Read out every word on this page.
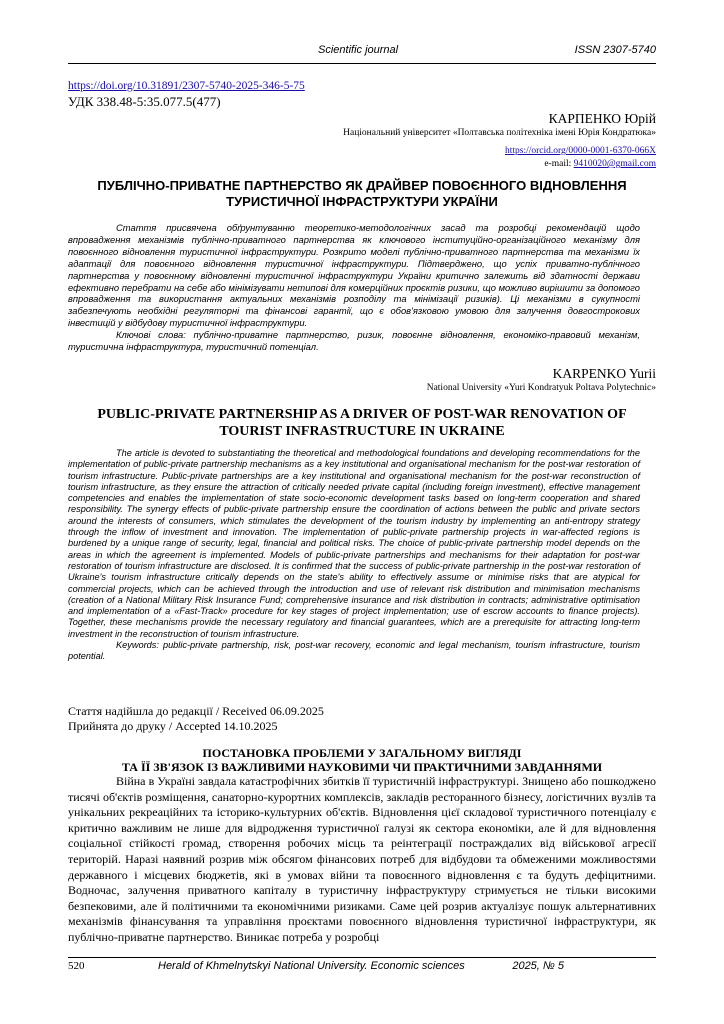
Scientific journal	ISSN 2307-5740
https://doi.org/10.31891/2307-5740-2025-346-5-75
УДК 338.48-5:35.077.5(477)
КАРПЕНКО Юрій
Національний університет «Полтавська політехніка імені Юрія Кондратюка»
https://orcid.org/0000-0001-6370-066X
e-mail: 9410020@gmail.com
ПУБЛІЧНО-ПРИВАТНЕ ПАРТНЕРСТВО ЯК ДРАЙВЕР ПОВОЄННОГО ВІДНОВЛЕННЯ ТУРИСТИЧНОЇ ІНФРАСТРУКТУРИ УКРАЇНИ

Стаття присвячена обґрунтуванню теоретико-методологічних засад та розробці рекомендацій щодо впровадження механізмів публічно-приватного партнерства як ключового інституційно-організаційного механізму для повоєнного відновлення туристичної інфраструктури. Розкрито моделі публічно-приватного партнерства та механізми їх адаптації для повоєнного відновлення туристичної інфраструктури. Підтверджено, що успіх приватно-публічного партнерства у повоєнному відновленні туристичної інфраструктури України критично залежить від здатності держави ефективно перебрати на себе або мінімізувати нетипові для комерційних проєктів ризики, що можливо вирішити за допомого впровадження та використання актуальних механізмів розподілу та мінімізації ризиків). Ці механізми в сукупності забезпечують необхідні регуляторні та фінансові гарантії, що є обов'язковою умовою для залучення довгострокових інвестицій у відбудову туристичної інфраструктури.

Ключові слова: публічно-приватне партнерство, ризик, повоєнне відновлення, економіко-правовий механізм, туристична інфраструктура, туристичний потенціал.

KARPENKO Yurii
National University «Yuri Kondratyuk Poltava Polytechnic»
PUBLIC-PRIVATE PARTNERSHIP AS A DRIVER OF POST-WAR RENOVATION OF TOURIST INFRASTRUCTURE IN UKRAINE

The article is devoted to substantiating the theoretical and methodological foundations and developing recommendations for the implementation of public-private partnership mechanisms as a key institutional and organisational mechanism for the post-war restoration of tourism infrastructure. Public-private partnerships are a key institutional and organisational mechanism for the post-war reconstruction of tourism infrastructure, as they ensure the attraction of critically needed private capital (including foreign investment), effective management competencies and enables the implementation of state socio-economic development tasks based on long-term cooperation and shared responsibility. The synergy effects of public-private partnership ensure the coordination of actions between the public and private sectors around the interests of consumers, which stimulates the development of the tourism industry by implementing an anti-entropy strategy through the inflow of investment and innovation. The implementation of public-private partnership projects in war-affected regions is burdened by a unique range of security, legal, financial and political risks. The choice of public-private partnership model depends on the areas in which the agreement is implemented. Models of public-private partnerships and mechanisms for their adaptation for post-war restoration of tourism infrastructure are disclosed. It is confirmed that the success of public-private partnership in the post-war restoration of Ukraine's tourism infrastructure critically depends on the state's ability to effectively assume or minimise risks that are atypical for commercial projects, which can be achieved through the introduction and use of relevant risk distribution and minimisation mechanisms (creation of a National Military Risk Insurance Fund; comprehensive insurance and risk distribution in contracts; administrative optimisation and implementation of a «Fast-Track» procedure for key stages of project implementation; use of escrow accounts to finance projects). Together, these mechanisms provide the necessary regulatory and financial guarantees, which are a prerequisite for attracting long-term investment in the reconstruction of tourism infrastructure.

Keywords: public-private partnership, risk, post-war recovery, economic and legal mechanism, tourism infrastructure, tourism potential.

Стаття надійшла до редакції / Received 06.09.2025
Прийнята до друку / Accepted 14.10.2025
ПОСТАНОВКА ПРОБЛЕМИ У ЗАГАЛЬНОМУ ВИГЛЯДІ
ТА ЇЇ ЗВ'ЯЗОК ІЗ ВАЖЛИВИМИ НАУКОВИМИ ЧИ ПРАКТИЧНИМИ ЗАВДАННЯМИ

Війна в Україні завдала катастрофічних збитків її туристичній інфраструктурі. Знищено або пошкоджено тисячі об'єктів розміщення, санаторно-курортних комплексів, закладів ресторанного бізнесу, логістичних вузлів та унікальних рекреаційних та історико-культурних об'єктів. Відновлення цієї складової туристичного потенціалу є критично важливим не лише для відродження туристичної галузі як сектора економіки, але й для відновлення соціальної стійкості громад, створення робочих місць та реінтеграції постраждалих від військової агресії територій. Наразі наявний розрив між обсягом фінансових потреб для відбудови та обмеженими можливостями державного і місцевих бюджетів, які в умовах війни та повоєнного відновлення є та будуть дефіцитними. Водночас, залучення приватного капіталу в туристичну інфраструктуру стримується не тільки високими безпековими, але й політичними та економічними ризиками. Саме цей розрив актуалізує пошук альтернативних механізмів фінансування та управління проєктами повоєнного відновлення туристичної інфраструктури, як публічно-приватне партнерство. Виникає потреба у розробці

520	Herald of Khmelnytskyi National University. Economic sciences	2025, № 5
